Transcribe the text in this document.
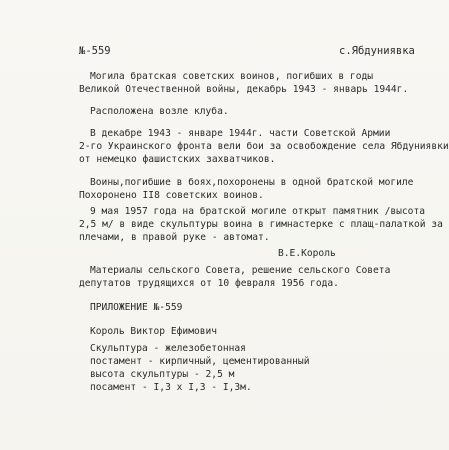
№-559	с.Ябдуниявка
Могила братская советских воинов, погибших в годы
Великой Отечественной войны, декабрь 1943 - январь 1944г.
Расположена возле клуба.
В декабре 1943 - январе 1944г. части Советской Армии
2-го Украинского фронта вели бои за освобождение села Ябдуниявки
от немецко фашистских захватчиков.
Воины,погибшие в боях,похоронены в одной братской могиле
Похоронено II8 советских воинов.
9 мая 1957 года на братской могиле открыт памятник /высота
2,5 м/ в виде скульптуры воина в гимнастерке с плащ-палаткой за
плечами, в правой руке - автомат.
В.Е.Король
Материалы сельского Совета, решение сельского Совета
депутатов трудящихся от 10 февраля 1956 года.
ПРИЛОЖЕНИЕ №-559
Король Виктор Ефимович
Скульптура - железобетонная
постамент - кирпичный, цементированный
высота скульптуры - 2,5 м
посамент - I,3 х I,3 - I,3м.
